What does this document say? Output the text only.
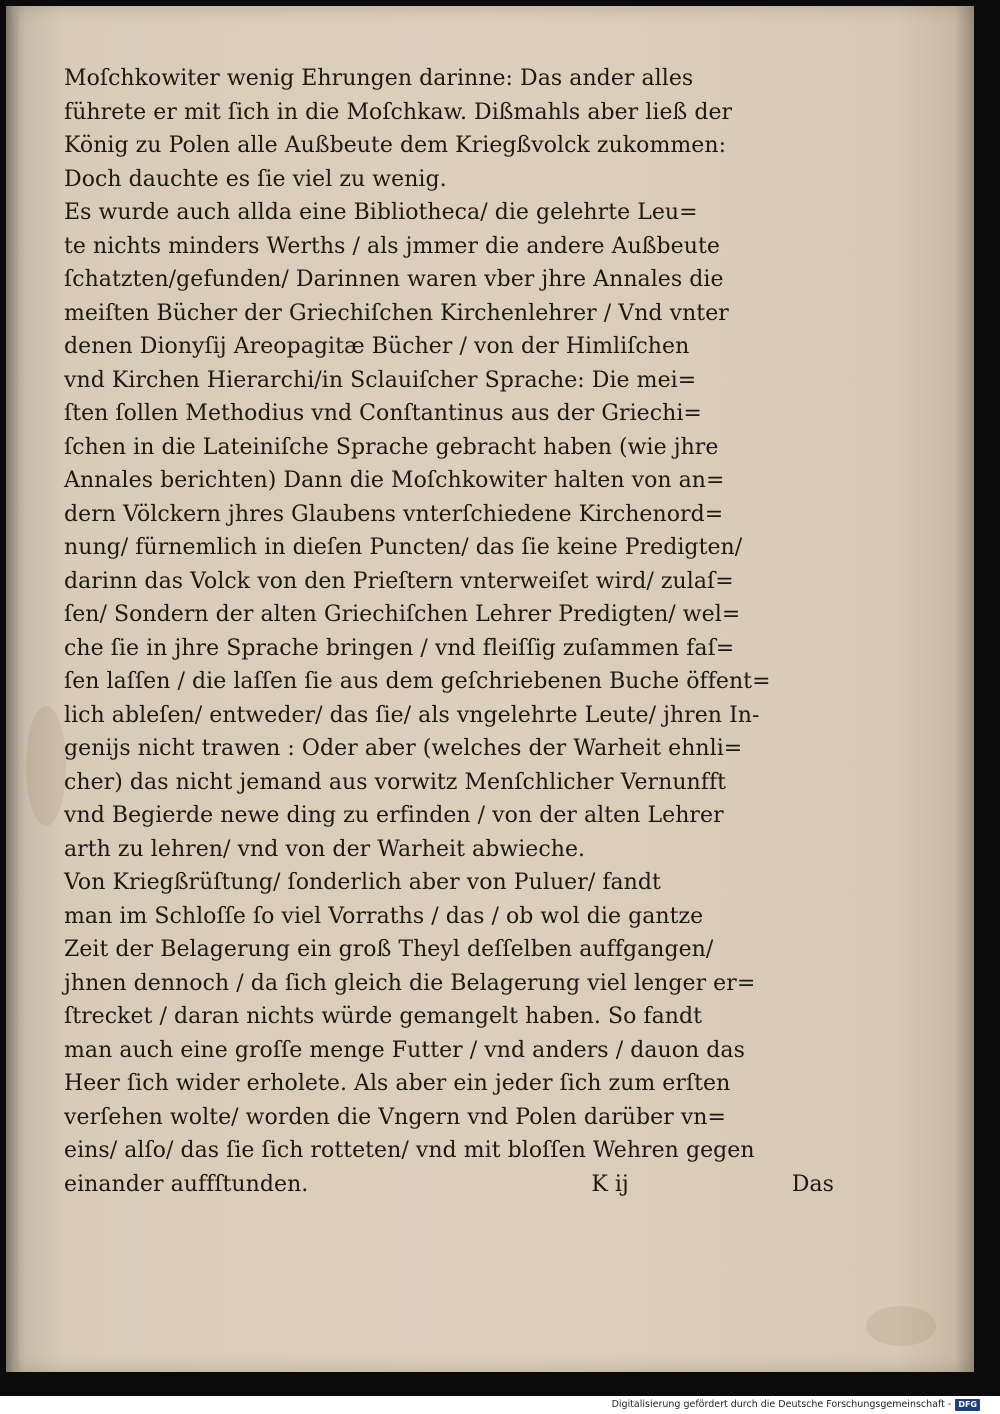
Moſchkowiter wenig Ehrungen darinne: Das ander alles
führete er mit ſich in die Moſchkaw. Dißmahls aber ließ der
König zu Polen alle Außbeute dem Kriegßvolck zukommen:
Doch dauchte es ſie viel zu wenig.
Es wurde auch allda eine Bibliotheca/ die gelehrte Leu=
te nichts minders Werths / als jmmer die andere Außbeute
ſchatzten/gefunden/ Darinnen waren vber jhre Annales die
meiſten Bücher der Griechiſchen Kirchenlehrer / Vnd vnter
denen Dionyſij Areopagitæ Bücher / von der Himliſchen
vnd Kirchen Hierarchi/in Sclauiſcher Sprache: Die mei=
ſten ſollen Methodius vnd Conſtantinus aus der Griechi=
ſchen in die Lateiniſche Sprache gebracht haben (wie jhre
Annales berichten) Dann die Moſchkowiter halten von an=
dern Völckern jhres Glaubens vnterſchiedene Kirchenord=
nung/ fürnemlich in dieſen Puncten/ das ſie keine Predigten/
darinn das Volck von den Prieſtern vnterweiſet wird/ zulaſ=
ſen/ Sondern der alten Griechiſchen Lehrer Predigten/ wel=
che ſie in jhre Sprache bringen / vnd fleiſſig zuſammen faſ=
ſen laſſen / die laſſen ſie aus dem geſchriebenen Buche öffent=
lich ableſen/ entweder/ das ſie/ als vngelehrte Leute/ jhren In-
genijs nicht trawen : Oder aber (welches der Warheit ehnli=
cher) das nicht jemand aus vorwitz Menſchlicher Vernunfft
vnd Begierde newe ding zu erfinden / von der alten Lehrer
arth zu lehren/ vnd von der Warheit abwieche.
Von Kriegßrüſtung/ ſonderlich aber von Puluer/ fandt
man im Schloſſe ſo viel Vorraths / das / ob wol die gantze
Zeit der Belagerung ein groß Theyl deſſelben auffgangen/
jhnen dennoch / da ſich gleich die Belagerung viel lenger er=
ſtrecket / daran nichts würde gemangelt haben. So fandt
man auch eine groſſe menge Futter / vnd anders / dauon das
Heer ſich wider erholete. Als aber ein jeder ſich zum erſten
verſehen wolte/ worden die Vngern vnd Polen darüber vn=
eins/ alſo/ das ſie ſich rotteten/ vnd mit bloſſen Wehren gegen
einander auffſtunden.	K ij	Das
Digitalisierung gefördert durch die Deutsche Forschungsgemeinschaft - DFG
